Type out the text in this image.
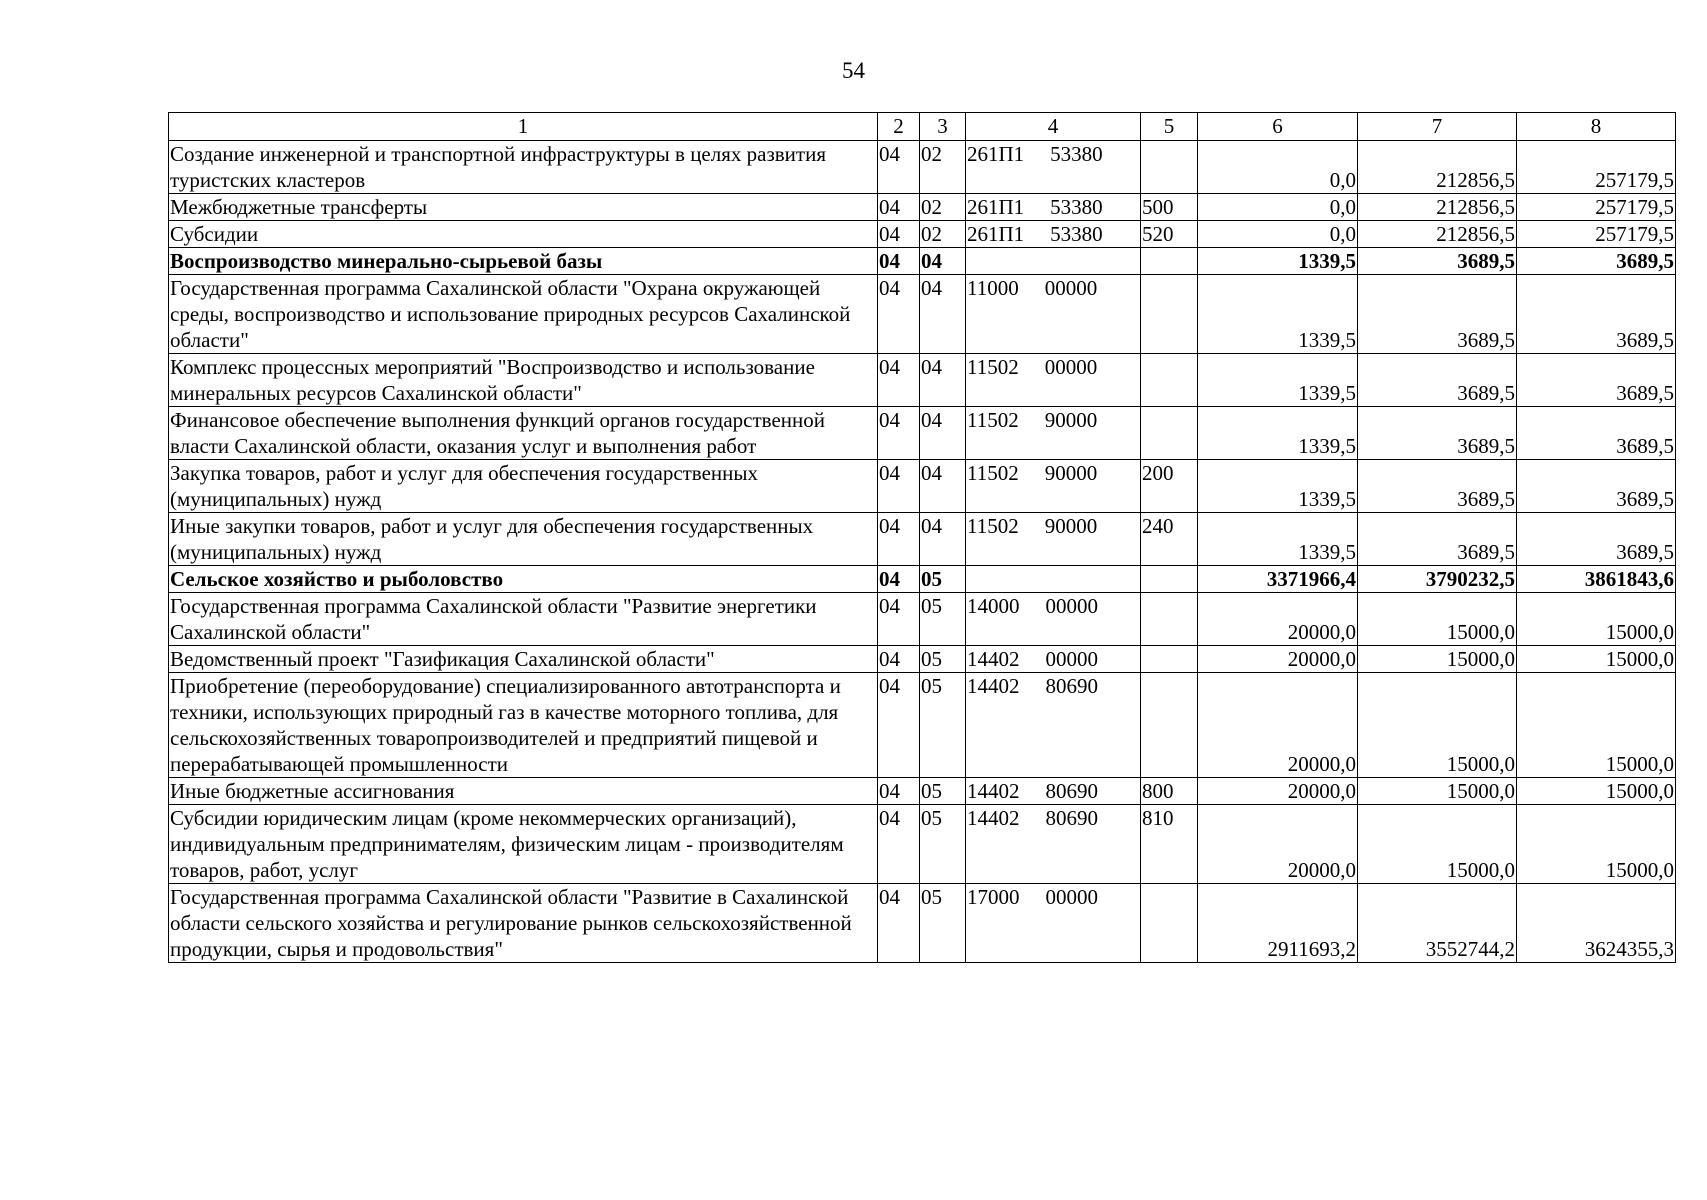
54
1	2	3	4	5	6	7	8
Создание инженерной и транспортной инфраструктуры в целях развития туристских кластеров	04	02	261П1 53380		0,0	212856,5	257179,5
Межбюджетные трансферты	04	02	261П1 53380	500	0,0	212856,5	257179,5
Субсидии	04	02	261П1 53380	520	0,0	212856,5	257179,5
Воспроизводство минерально-сырьевой базы	04	04			1339,5	3689,5	3689,5
Государственная программа Сахалинской области "Охрана окружающей среды, воспроизводство и использование природных ресурсов Сахалинской области"	04	04	11000 00000		1339,5	3689,5	3689,5
Комплекс процессных мероприятий "Воспроизводство и использование минеральных ресурсов Сахалинской области"	04	04	11502 00000		1339,5	3689,5	3689,5
Финансовое обеспечение выполнения функций органов государственной власти Сахалинской области, оказания услуг и выполнения работ	04	04	11502 90000		1339,5	3689,5	3689,5
Закупка товаров, работ и услуг для обеспечения государственных (муниципальных) нужд	04	04	11502 90000	200	1339,5	3689,5	3689,5
Иные закупки товаров, работ и услуг для обеспечения государственных (муниципальных) нужд	04	04	11502 90000	240	1339,5	3689,5	3689,5
Сельское хозяйство и рыболовство	04	05			3371966,4	3790232,5	3861843,6
Государственная программа Сахалинской области "Развитие энергетики Сахалинской области"	04	05	14000 00000		20000,0	15000,0	15000,0
Ведомственный проект "Газификация Сахалинской области"	04	05	14402 00000		20000,0	15000,0	15000,0
Приобретение (переоборудование) специализированного автотранспорта и техники, использующих природный газ в качестве моторного топлива, для сельскохозяйственных товаропроизводителей и предприятий пищевой и перерабатывающей промышленности	04	05	14402 80690		20000,0	15000,0	15000,0
Иные бюджетные ассигнования	04	05	14402 80690	800	20000,0	15000,0	15000,0
Субсидии юридическим лицам (кроме некоммерческих организаций), индивидуальным предпринимателям, физическим лицам - производителям товаров, работ, услуг	04	05	14402 80690	810	20000,0	15000,0	15000,0
Государственная программа Сахалинской области "Развитие в Сахалинской области сельского хозяйства и регулирование рынков сельскохозяйственной продукции, сырья и продовольствия"	04	05	17000 00000		2911693,2	3552744,2	3624355,3
